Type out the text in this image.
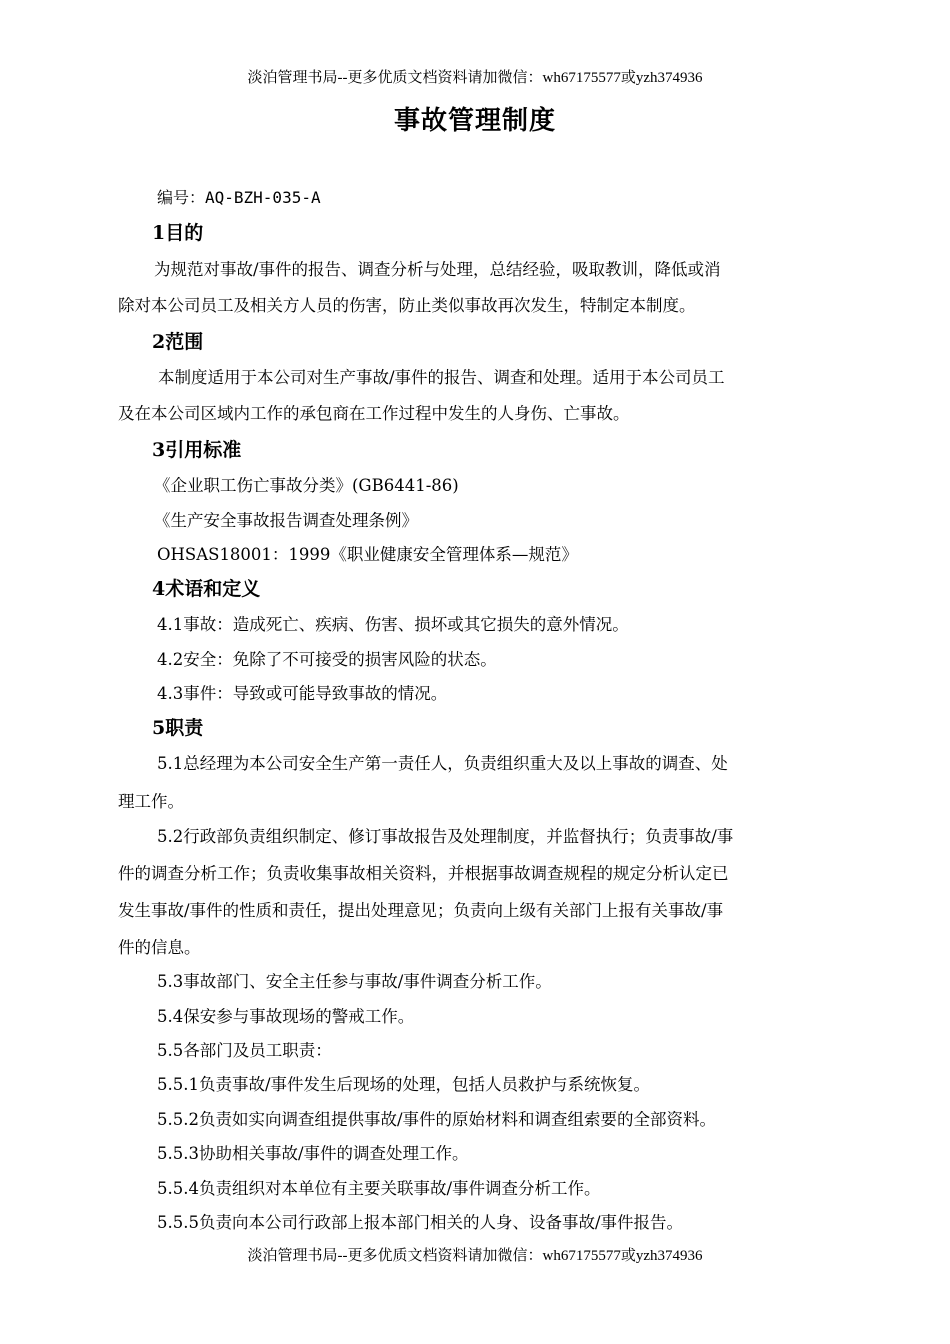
淡泊管理书局--更多优质文档资料请加微信：wh67175577或yzh374936
事故管理制度
编号：AQ-BZH-035-A
1目的
为规范对事故/事件的报告、调查分析与处理，总结经验，吸取教训，降低或消
除对本公司员工及相关方人员的伤害，防止类似事故再次发生，特制定本制度。
2范围
本制度适用于本公司对生产事故/事件的报告、调查和处理。适用于本公司员工
及在本公司区域内工作的承包商在工作过程中发生的人身伤、亡事故。
3引用标准
《企业职工伤亡事故分类》(GB6441-86)
《生产安全事故报告调查处理条例》
OHSAS18001：1999《职业健康安全管理体系—规范》
4术语和定义
4.1事故：造成死亡、疾病、伤害、损坏或其它损失的意外情况。
4.2安全：免除了不可接受的损害风险的状态。
4.3事件：导致或可能导致事故的情况。
5职责
5.1总经理为本公司安全生产第一责任人，负责组织重大及以上事故的调查、处
理工作。
5.2行政部负责组织制定、修订事故报告及处理制度，并监督执行；负责事故/事
件的调查分析工作；负责收集事故相关资料，并根据事故调查规程的规定分析认定已
发生事故/事件的性质和责任，提出处理意见；负责向上级有关部门上报有关事故/事
件的信息。
5.3事故部门、安全主任参与事故/事件调查分析工作。
5.4保安参与事故现场的警戒工作。
5.5各部门及员工职责：
5.5.1负责事故/事件发生后现场的处理，包括人员救护与系统恢复。
5.5.2负责如实向调查组提供事故/事件的原始材料和调查组索要的全部资料。
5.5.3协助相关事故/事件的调查处理工作。
5.5.4负责组织对本单位有主要关联事故/事件调查分析工作。
5.5.5负责向本公司行政部上报本部门相关的人身、设备事故/事件报告。
淡泊管理书局--更多优质文档资料请加微信：wh67175577或yzh374936
